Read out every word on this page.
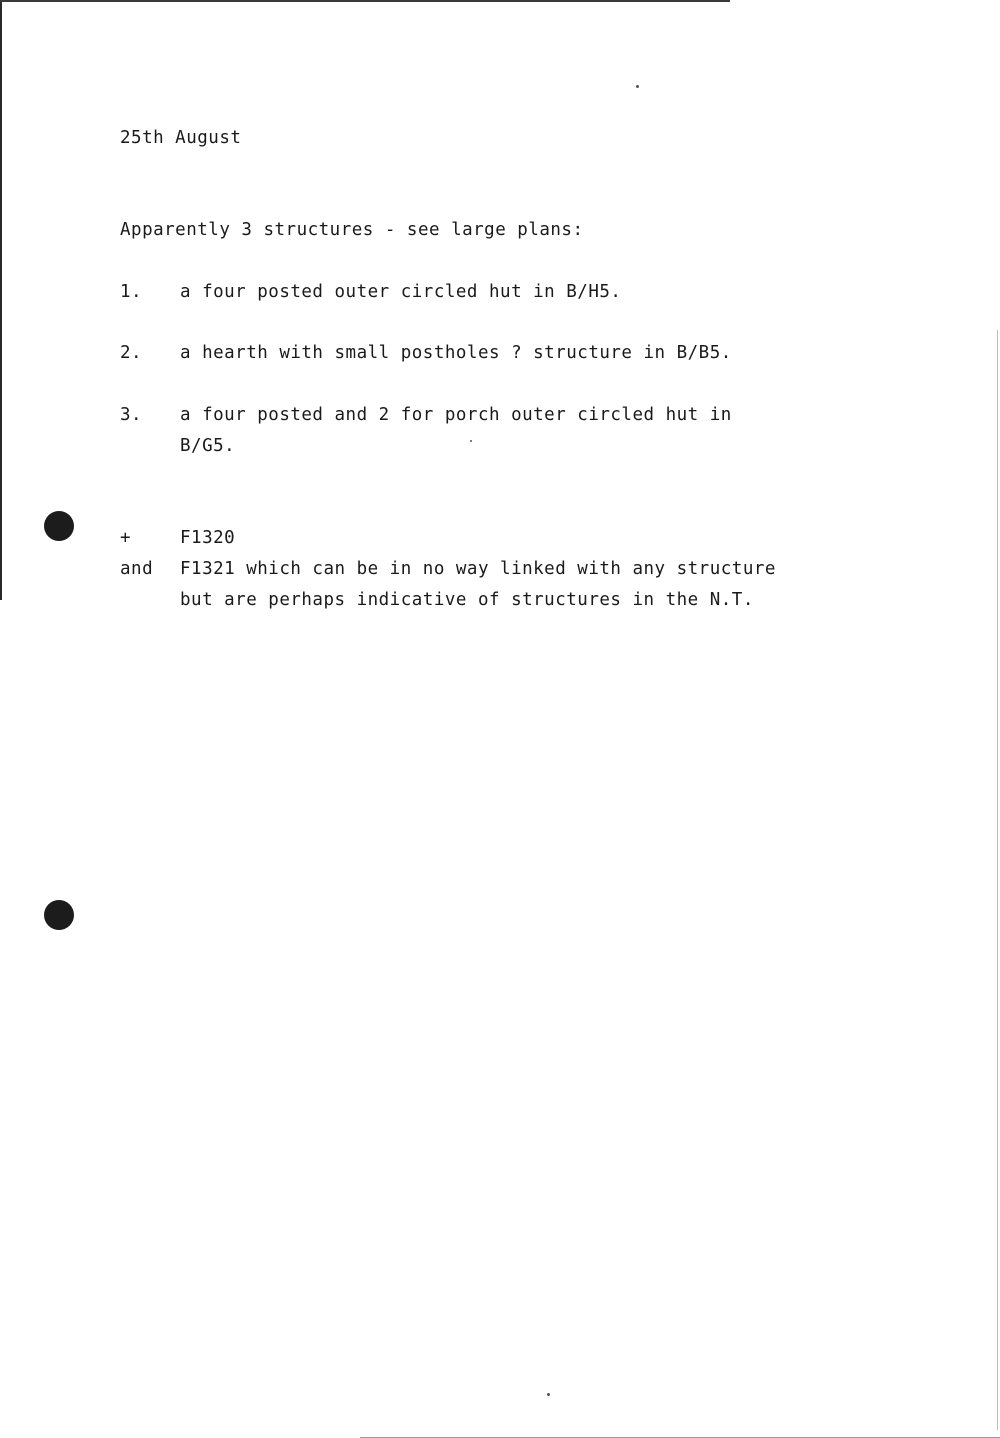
25th August
Apparently 3 structures - see large plans:
1. a four posted outer circled hut in B/H5.
2. a hearth with small postholes ? structure in B/B5.
3. a four posted and 2 for porch outer circled hut in
B/G5.
+	F1320
and F1321 which can be in no way linked with any structure
but are perhaps indicative of structures in the N.T.
